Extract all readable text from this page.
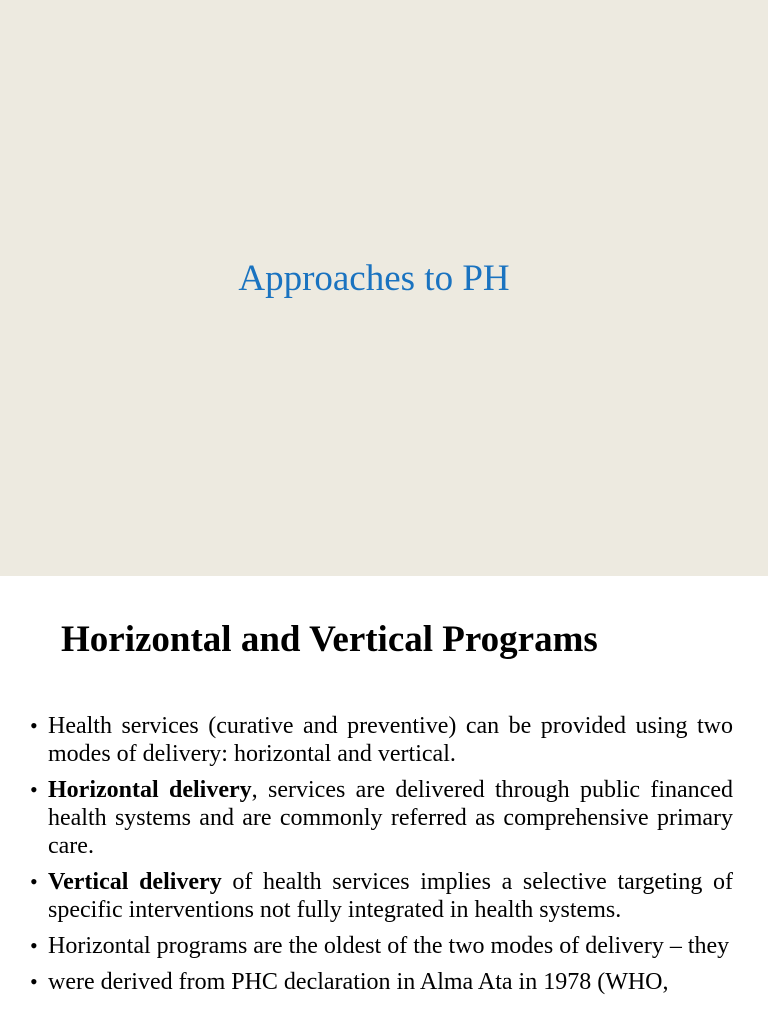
Approaches to PH
Horizontal and Vertical Programs
• Health services (curative and preventive) can be provided using two modes of delivery: horizontal and vertical.
• Horizontal delivery, services are delivered through public financed health systems and are commonly referred as comprehensive primary care.
• Vertical delivery of health services implies a selective targeting of specific interventions not fully integrated in health systems.
• Horizontal programs are the oldest of the two modes of delivery – they
• were derived from PHC declaration in Alma Ata in 1978 (WHO,
